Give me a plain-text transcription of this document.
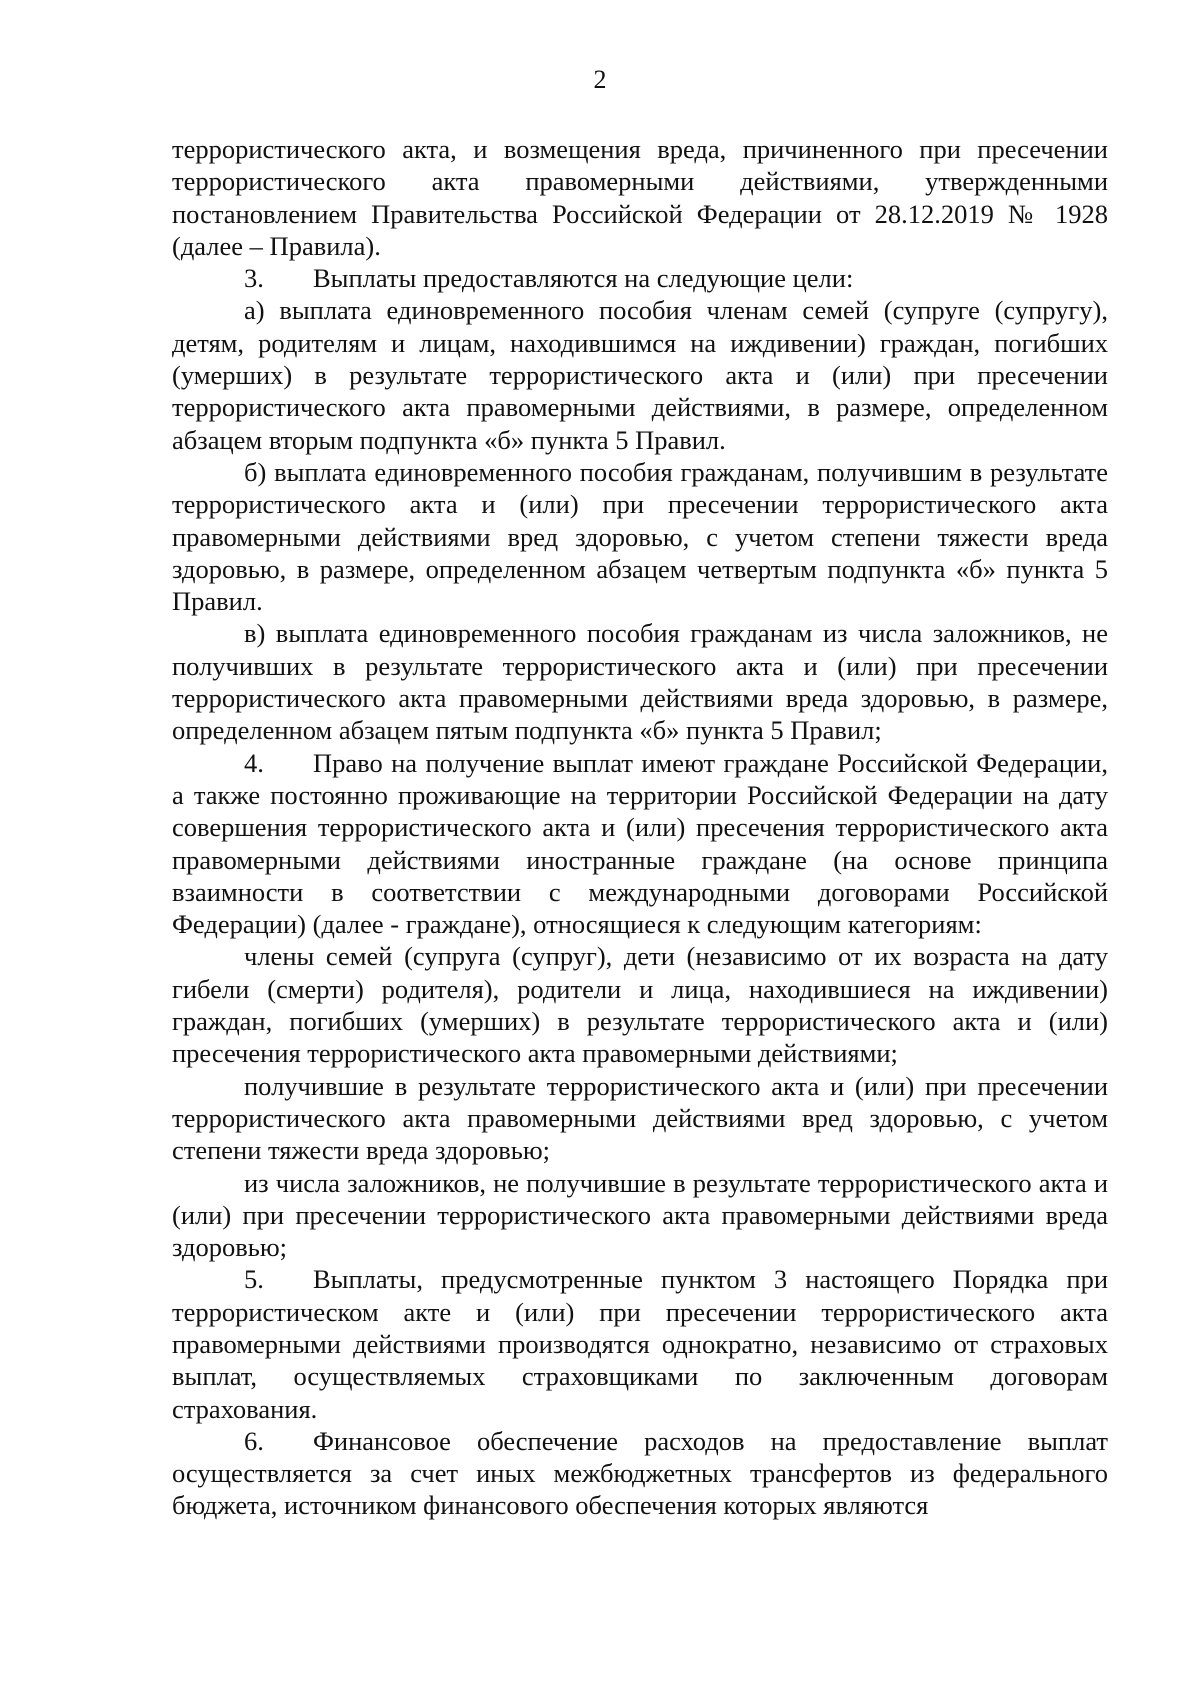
2

террористического акта, и возмещения вреда, причиненного при пресечении террористического акта правомерными действиями, утвержденными постановлением Правительства Российской Федерации от 28.12.2019 № 1928 (далее – Правила).

3. Выплаты предоставляются на следующие цели:

а) выплата единовременного пособия членам семей (супруге (супругу), детям, родителям и лицам, находившимся на иждивении) граждан, погибших (умерших) в результате террористического акта и (или) при пресечении террористического акта правомерными действиями, в размере, определенном абзацем вторым подпункта «б» пункта 5 Правил.

б) выплата единовременного пособия гражданам, получившим в результате террористического акта и (или) при пресечении террористического акта правомерными действиями вред здоровью, с учетом степени тяжести вреда здоровью, в размере, определенном абзацем четвертым подпункта «б» пункта 5 Правил.

в) выплата единовременного пособия гражданам из числа заложников, не получивших в результате террористического акта и (или) при пресечении террористического акта правомерными действиями вреда здоровью, в размере, определенном абзацем пятым подпункта «б» пункта 5 Правил;

4. Право на получение выплат имеют граждане Российской Федерации, а также постоянно проживающие на территории Российской Федерации на дату совершения террористического акта и (или) пресечения террористического акта правомерными действиями иностранные граждане (на основе принципа взаимности в соответствии с международными договорами Российской Федерации) (далее - граждане), относящиеся к следующим категориям:

члены семей (супруга (супруг), дети (независимо от их возраста на дату гибели (смерти) родителя), родители и лица, находившиеся на иждивении) граждан, погибших (умерших) в результате террористического акта и (или) пресечения террористического акта правомерными действиями;

получившие в результате террористического акта и (или) при пресечении террористического акта правомерными действиями вред здоровью, с учетом степени тяжести вреда здоровью;

из числа заложников, не получившие в результате террористического акта и (или) при пресечении террористического акта правомерными действиями вреда здоровью;

5. Выплаты, предусмотренные пунктом 3 настоящего Порядка при террористическом акте и (или) при пресечении террористического акта правомерными действиями производятся однократно, независимо от страховых выплат, осуществляемых страховщиками по заключенным договорам страхования.

6. Финансовое обеспечение расходов на предоставление выплат осуществляется за счет иных межбюджетных трансфертов из федерального бюджета, источником финансового обеспечения которых являются
